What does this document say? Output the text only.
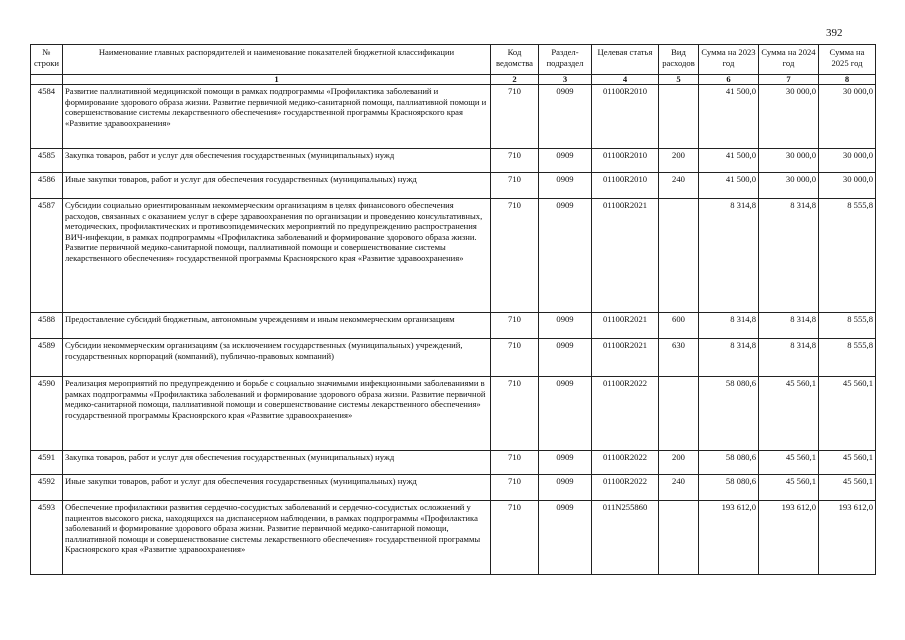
392
№ строки	Наименование главных распорядителей и наименование показателей бюджетной классификации	Код ведомства	Раздел-подраздел	Целевая статья	Вид расходов	Сумма на 2023 год	Сумма на 2024 год	Сумма на 2025 год
	1	2	3	4	5	6	7	8
4584	Развитие паллиативной медицинской помощи в рамках подпрограммы «Профилактика заболеваний и формирование здорового образа жизни. Развитие первичной медико-санитарной помощи, паллиативной помощи и совершенствование системы лекарственного обеспечения» государственной программы Красноярского края «Развитие здравоохранения»	710	0909	01100R2010		41 500,0	30 000,0	30 000,0
4585	Закупка товаров, работ и услуг для обеспечения государственных (муниципальных) нужд	710	0909	01100R2010	200	41 500,0	30 000,0	30 000,0
4586	Иные закупки товаров, работ и услуг для обеспечения государственных (муниципальных) нужд	710	0909	01100R2010	240	41 500,0	30 000,0	30 000,0
4587	Субсидии социально ориентированным некоммерческим организациям в целях финансового обеспечения расходов, связанных с оказанием услуг в сфере здравоохранения по организации и проведению консультативных, методических, профилактических и противоэпидемических мероприятий по предупреждению распространения ВИЧ-инфекции, в рамках подпрограммы «Профилактика заболеваний и формирование здорового образа жизни. Развитие первичной медико-санитарной помощи, паллиативной помощи и совершенствование системы лекарственного обеспечения» государственной программы Красноярского края «Развитие здравоохранения»	710	0909	01100R2021		8 314,8	8 314,8	8 555,8
4588	Предоставление субсидий бюджетным, автономным учреждениям и иным некоммерческим организациям	710	0909	01100R2021	600	8 314,8	8 314,8	8 555,8
4589	Субсидии некоммерческим организациям (за исключением государственных (муниципальных) учреждений, государственных корпораций (компаний), публично-правовых компаний)	710	0909	01100R2021	630	8 314,8	8 314,8	8 555,8
4590	Реализация мероприятий по предупреждению и борьбе с социально значимыми инфекционными заболеваниями в рамках подпрограммы «Профилактика заболеваний и формирование здорового образа жизни. Развитие первичной медико-санитарной помощи, паллиативной помощи и совершенствование системы лекарственного обеспечения» государственной программы Красноярского края «Развитие здравоохранения»	710	0909	01100R2022		58 080,6	45 560,1	45 560,1
4591	Закупка товаров, работ и услуг для обеспечения государственных (муниципальных) нужд	710	0909	01100R2022	200	58 080,6	45 560,1	45 560,1
4592	Иные закупки товаров, работ и услуг для обеспечения государственных (муниципальных) нужд	710	0909	01100R2022	240	58 080,6	45 560,1	45 560,1
4593	Обеспечение профилактики развития сердечно-сосудистых заболеваний и сердечно-сосудистых осложнений у пациентов высокого риска, находящихся на диспансерном наблюдении, в рамках подпрограммы «Профилактика заболеваний и формирование здорового образа жизни. Развитие первичной медико-санитарной помощи, паллиативной помощи и совершенствование системы лекарственного обеспечения» государственной программы Красноярского края «Развитие здравоохранения»	710	0909	011N255860		193 612,0	193 612,0	193 612,0
